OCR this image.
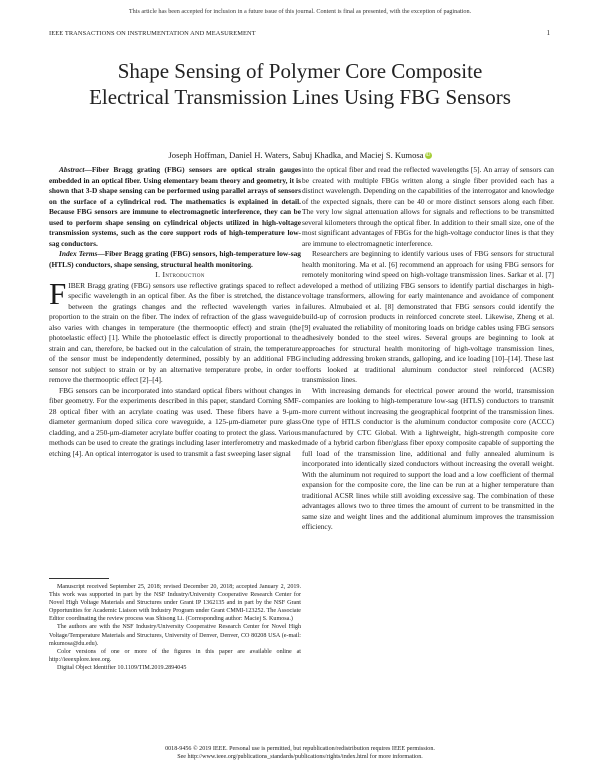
This article has been accepted for inclusion in a future issue of this journal. Content is final as presented, with the exception of pagination.
IEEE TRANSACTIONS ON INSTRUMENTATION AND MEASUREMENT	1
Shape Sensing of Polymer Core Composite
Electrical Transmission Lines Using FBG Sensors
Joseph Hoffman, Daniel H. Waters, Sabuj Khadka, and Maciej S. Kumosa iD

Abstract—Fiber Bragg grating (FBG) sensors are optical strain gauges embedded in an optical fiber. Using elementary beam theory and geometry, it is shown that 3-D shape sensing can be performed using parallel arrays of sensors on the surface of a cylindrical rod. The mathematics is explained in detail. Because FBG sensors are immune to electromagnetic interference, they can be used to perform shape sensing on cylindrical objects utilized in high-voltage transmission systems, such as the core support rods of high-temperature low-sag conductors.

Index Terms—Fiber Bragg grating (FBG) sensors, high-temperature low-sag (HTLS) conductors, shape sensing, structural health monitoring.

I. Introduction

FIBER Bragg grating (FBG) sensors use reflective gratings spaced to reflect a specific wavelength in an optical fiber. As the fiber is stretched, the distance between the gratings changes and the reflected wavelength varies in proportion to the strain on the fiber. The index of refraction of the glass waveguide also varies with changes in temperature (the thermooptic effect) and strain (the photoelastic effect) [1]. While the photoelastic effect is directly proportional to the strain and can, therefore, be backed out in the calculation of strain, the temperature of the sensor must be independently determined, possibly by an additional FBG sensor not subject to strain or by an alternative temperature probe, in order to remove the thermooptic effect [2]–[4].

FBG sensors can be incorporated into standard optical fibers without changes in fiber geometry. For the experiments described in this paper, standard Corning SMF-28 optical fiber with an acrylate coating was used. These fibers have a 9-μm-diameter germanium doped silica core waveguide, a 125-μm-diameter pure glass cladding, and a 250-μm-diameter acrylate buffer coating to protect the glass. Various methods can be used to create the gratings including laser interferometry and masked etching [4]. An optical interrogator is used to transmit a fast sweeping laser signal

Manuscript received September 25, 2018; revised December 20, 2018; accepted January 2, 2019. This work was supported in part by the NSF Industry/University Cooperative Research Center for Novel High Voltage Materials and Structures under Grant IP 1362135 and in part by the NSF Grant Opportunities for Academic Liaison with Industry Program under Grant CMMI-123252. The Associate Editor coordinating the review process was Shisong Li. (Corresponding author: Maciej S. Kumosa.)

The authors are with the NSF Industry/University Cooperative Research Center for Novel High Voltage/Temperature Materials and Structures, University of Denver, Denver, CO 80208 USA (e-mail: mkumosa@du.edu).

Color versions of one or more of the figures in this paper are available online at http://ieeexplore.ieee.org.

Digital Object Identifier 10.1109/TIM.2019.2894045

into the optical fiber and read the reflected wavelengths [5]. An array of sensors can be created with multiple FBGs written along a single fiber provided each has a distinct wavelength. Depending on the capabilities of the interrogator and knowledge of the expected signals, there can be 40 or more distinct sensors along each fiber. The very low signal attenuation allows for signals and reflections to be transmitted several kilometers through the optical fiber. In addition to their small size, one of the most significant advantages of FBGs for the high-voltage conductor lines is that they are immune to electromagnetic interference.

Researchers are beginning to identify various uses of FBG sensors for structural health monitoring. Ma et al. [6] recommend an approach for using FBG sensors for remotely monitoring wind speed on high-voltage transmission lines. Sarkar et al. [7] developed a method of utilizing FBG sensors to identify partial discharges in high-voltage transformers, allowing for early maintenance and avoidance of component failures. Almubaied et al. [8] demonstrated that FBG sensors could identify the build-up of corrosion products in reinforced concrete steel. Likewise, Zheng et al. [9] evaluated the reliability of monitoring loads on bridge cables using FBG sensors adhesively bonded to the steel wires. Several groups are beginning to look at approaches for structural health monitoring of high-voltage transmission lines, including addressing broken strands, galloping, and ice loading [10]–[14]. These last efforts looked at traditional aluminum conductor steel reinforced (ACSR) transmission lines.

With increasing demands for electrical power around the world, transmission companies are looking to high-temperature low-sag (HTLS) conductors to transmit more current without increasing the geographical footprint of the transmission lines. One type of HTLS conductor is the aluminum conductor composite core (ACCC) manufactured by CTC Global. With a lightweight, high-strength composite core made of a hybrid carbon fiber/glass fiber epoxy composite capable of supporting the full load of the transmission line, additional and fully annealed aluminum is incorporated into identically sized conductors without increasing the overall weight. With the aluminum not required to support the load and a low coefficient of thermal expansion for the composite core, the line can be run at a higher temperature than traditional ACSR lines while still avoiding excessive sag. The combination of these advantages allows two to three times the amount of current to be transmitted in the same size and weight lines and the additional aluminum improves the transmission efficiency.

0018-9456 © 2019 IEEE. Personal use is permitted, but republication/redistribution requires IEEE permission.
See http://www.ieee.org/publications_standards/publications/rights/index.html for more information.
